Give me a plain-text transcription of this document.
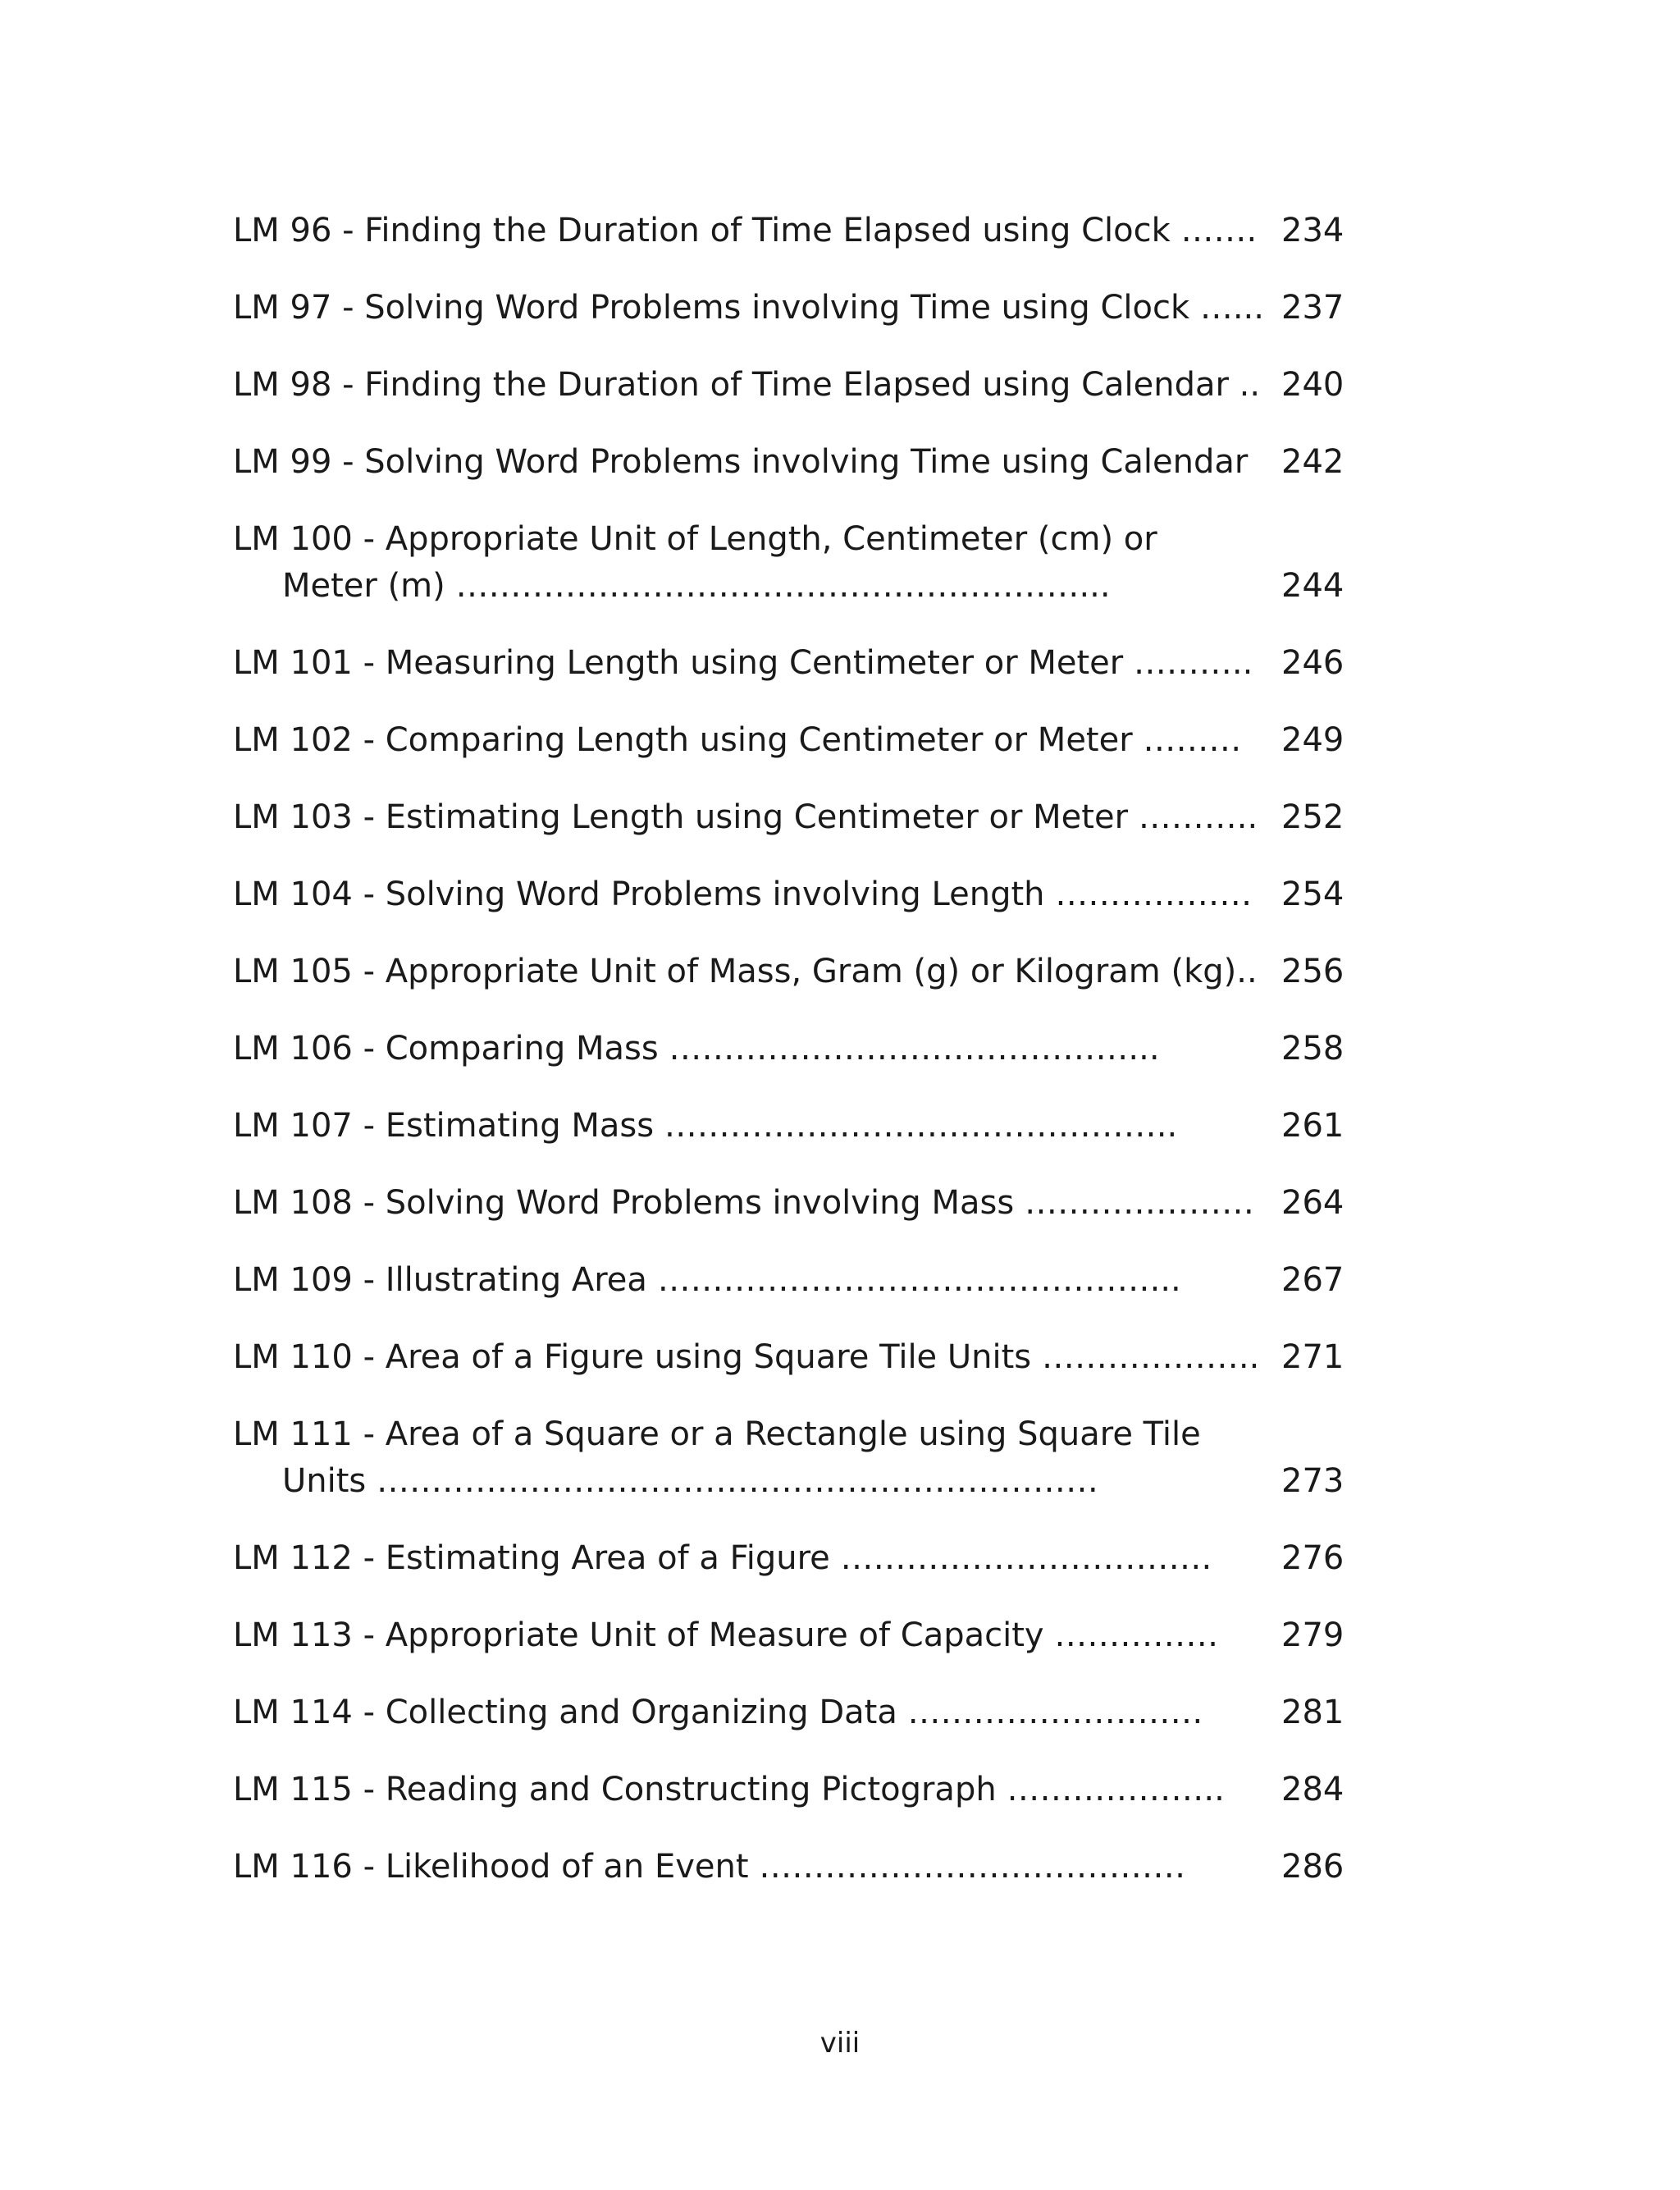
LM 96 - Finding the Duration of Time Elapsed using Clock ……. 234
LM 97 - Solving Word Problems involving Time using Clock …... 237
LM 98 - Finding the Duration of Time Elapsed using Calendar .. 240
LM 99 - Solving Word Problems involving Time using Calendar	242
LM 100 - Appropriate Unit of Length, Centimeter (cm) or
Meter (m) …………………………………………………...	244
LM 101 - Measuring Length using Centimeter or Meter ……….. 246
LM 102 - Comparing Length using Centimeter or Meter ………	249
LM 103 - Estimating Length using Centimeter or Meter ……….. 252
LM 104 - Solving Word Problems involving Length ……………… 254
LM 105 - Appropriate Unit of Mass, Gram (g) or Kilogram (kg).. 256
LM 106 - Comparing Mass ……………………………………...	258
LM 107 - Estimating Mass ………………………………………..	261
LM 108 - Solving Word Problems involving Mass ………………… 264
LM 109 - Illustrating Area ………………………………………...	267
LM 110 - Area of a Figure using Square Tile Units ……………….. 271
LM 111 - Area of a Square or a Rectangle using Square Tile
Units …………………………………………………………	273
LM 112 - Estimating Area of a Figure …………………………….	276
LM 113 - Appropriate Unit of Measure of Capacity ……………	279
LM 114 - Collecting and Organizing Data ………………………	281
LM 115 - Reading and Constructing Pictograph ………………..	284
LM 116 - Likelihood of an Event …………………………………	286
viii
